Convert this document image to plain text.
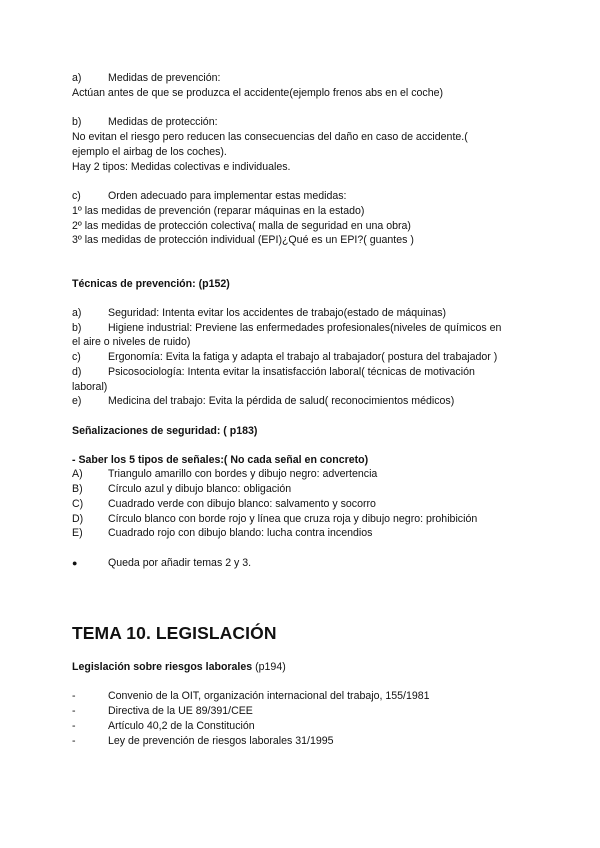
a)	Medidas de prevención:
Actúan antes de que se produzca el accidente(ejemplo frenos abs en el coche)
b)	Medidas de protección:
No evitan el riesgo pero reducen las consecuencias del daño en caso de accidente.(
ejemplo el airbag de los coches).
Hay 2 tipos: Medidas colectivas e individuales.
c)	Orden adecuado para implementar estas medidas:
1º las medidas de prevención (reparar máquinas en la estado)
2º las medidas de protección colectiva( malla de seguridad en una obra)
3º las medidas de protección individual (EPI)¿Qué es un EPI?( guantes )
Técnicas de prevención: (p152)
a)	Seguridad: Intenta evitar los accidentes de trabajo(estado de máquinas)
b)	Higiene industrial: Previene las enfermedades profesionales(niveles de químicos en
el aire o niveles de ruido)
c)	Ergonomía: Evita la fatiga y adapta el trabajo al trabajador( postura del trabajador )
d)	Psicosociología: Intenta evitar la insatisfacción laboral( técnicas de motivación
laboral)
e)	Medicina del trabajo: Evita la pérdida de salud( reconocimientos médicos)
Señalizaciones de seguridad: ( p183)
- Saber los 5 tipos de señales:( No cada señal en concreto)
A) Triangulo amarillo con bordes y dibujo negro: advertencia
B) Círculo azul y dibujo blanco: obligación
C) Cuadrado verde con dibujo blanco: salvamento y socorro
D) Círculo blanco con borde rojo y línea que cruza roja y dibujo negro: prohibición
E) Cuadrado rojo con dibujo blando: lucha contra incendios
●	Queda por añadir temas 2 y 3.
TEMA 10. LEGISLACIÓN
Legislación sobre riesgos laborales (p194)
-	Convenio de la OIT, organización internacional del trabajo, 155/1981
-	Directiva de la UE 89/391/CEE
-	Artículo 40,2 de la Constitución
-	Ley de prevención de riesgos laborales 31/1995
